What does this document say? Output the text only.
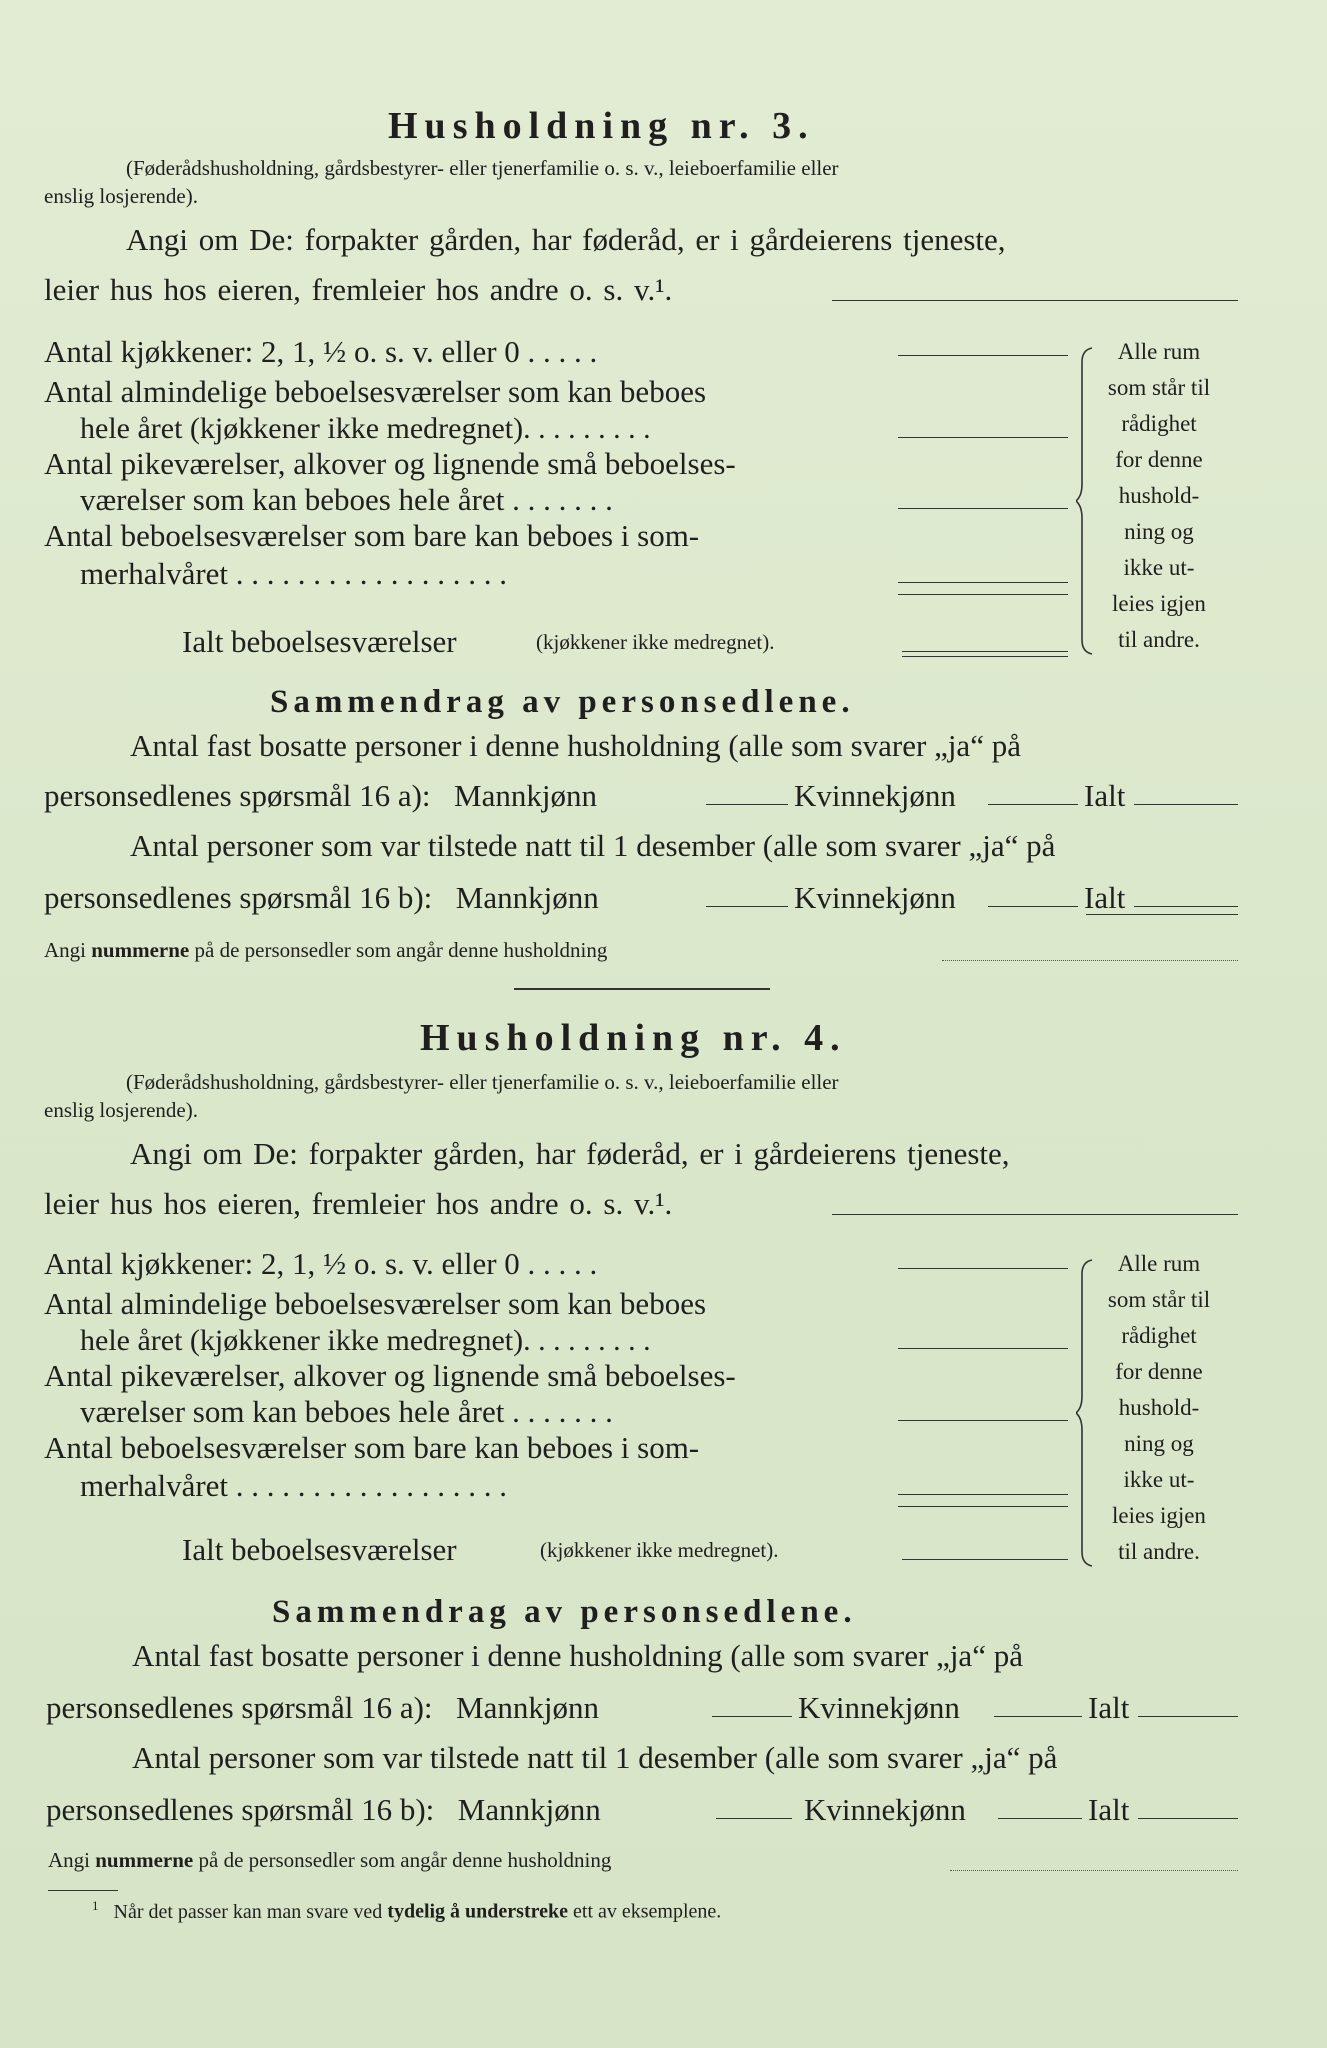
Husholdning nr. 3.
(Føderådshusholdning, gårdsbestyrer- eller tjenerfamilie o. s. v., leieboerfamilie eller
enslig losjerende).
Angi om De: forpakter gården, har føderåd, er i gårdeierens tjeneste,
leier hus hos eieren, fremleier hos andre o. s. v.¹.
Antal kjøkkener: 2, 1, ½ o. s. v. eller 0 . . . . .
Antal almindelige beboelsesværelser som kan beboes
hele året (kjøkkener ikke medregnet). . . . . . . . .
Antal pikeværelser, alkover og lignende små beboelses-
værelser som kan beboes hele året . . . . . . .
Antal beboelsesværelser som bare kan beboes i som-
merhalvåret . . . . . . . . . . . . . . . . . .
Ialt beboelsesværelser	(kjøkkener ikke medregnet).
Alle rum
som står til
rådighet
for denne
hushold-
ning og
ikke ut-
leies igjen
til andre.
Sammendrag av personsedlene.
Antal fast bosatte personer i denne husholdning (alle som svarer „ja“ på
personsedlenes spørsmål 16 a): Mannkjønn	Kvinnekjønn	Ialt
Antal personer som var tilstede natt til 1 desember (alle som svarer „ja“ på
personsedlenes spørsmål 16 b): Mannkjønn	Kvinnekjønn	Ialt
Angi nummerne på de personsedler som angår denne husholdning
Husholdning nr. 4.
(Føderådshusholdning, gårdsbestyrer- eller tjenerfamilie o. s. v., leieboerfamilie eller
enslig losjerende).
Angi om De: forpakter gården, har føderåd, er i gårdeierens tjeneste,
leier hus hos eieren, fremleier hos andre o. s. v.¹.
Antal kjøkkener: 2, 1, ½ o. s. v. eller 0 . . . . .
Antal almindelige beboelsesværelser som kan beboes
hele året (kjøkkener ikke medregnet). . . . . . . . .
Antal pikeværelser, alkover og lignende små beboelses-
værelser som kan beboes hele året . . . . . . .
Antal beboelsesværelser som bare kan beboes i som-
merhalvåret . . . . . . . . . . . . . . . . . .
Ialt beboelsesværelser	(kjøkkener ikke medregnet).
Alle rum
som står til
rådighet
for denne
hushold-
ning og
ikke ut-
leies igjen
til andre.
Sammendrag av personsedlene.
Antal fast bosatte personer i denne husholdning (alle som svarer „ja“ på
personsedlenes spørsmål 16 a): Mannkjønn	Kvinnekjønn	Ialt
Antal personer som var tilstede natt til 1 desember (alle som svarer „ja“ på
personsedlenes spørsmål 16 b): Mannkjønn	Kvinnekjønn	Ialt
Angi nummerne på de personsedler som angår denne husholdning
$^1$ Når det passer kan man svare ved tydelig å understreke ett av eksemplene.
